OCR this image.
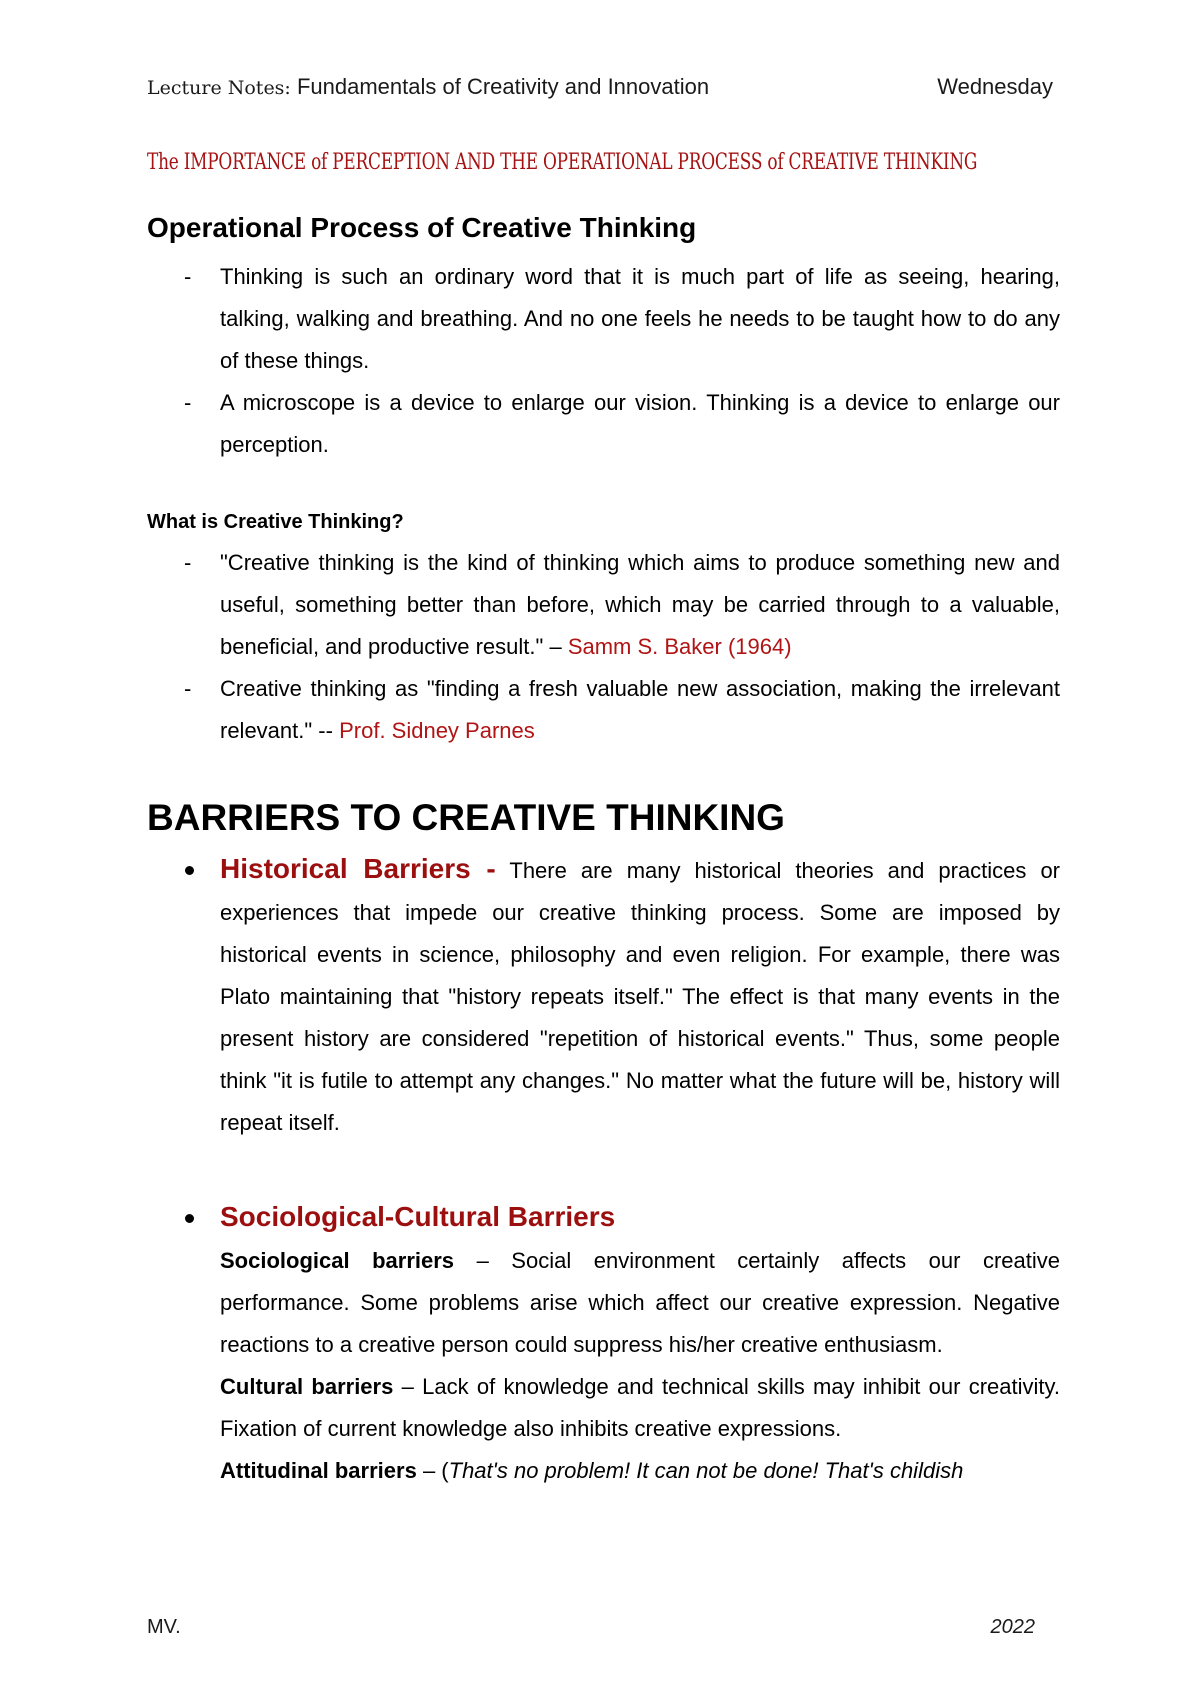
Lecture Notes: Fundamentals of Creativity and Innovation	Wednesday
The IMPORTANCE of PERCEPTION AND THE OPERATIONAL PROCESS of CREATIVE THINKING
Operational Process of Creative Thinking
- Thinking is such an ordinary word that it is much part of life as seeing, hearing, talking, walking and breathing. And no one feels he needs to be taught how to do any of these things.
- A microscope is a device to enlarge our vision. Thinking is a device to enlarge our perception.
What is Creative Thinking?
- "Creative thinking is the kind of thinking which aims to produce something new and useful, something better than before, which may be carried through to a valuable, beneficial, and productive result." – Samm S. Baker (1964)
- Creative thinking as "finding a fresh valuable new association, making the irrelevant relevant." -- Prof. Sidney Parnes
BARRIERS TO CREATIVE THINKING
Historical Barriers - There are many historical theories and practices or experiences that impede our creative thinking process. Some are imposed by historical events in science, philosophy and even religion. For example, there was Plato maintaining that "history repeats itself." The effect is that many events in the present history are considered "repetition of historical events." Thus, some people think "it is futile to attempt any changes." No matter what the future will be, history will repeat itself.
Sociological-Cultural Barriers
Sociological barriers – Social environment certainly affects our creative performance. Some problems arise which affect our creative expression. Negative reactions to a creative person could suppress his/her creative enthusiasm.
Cultural barriers – Lack of knowledge and technical skills may inhibit our creativity. Fixation of current knowledge also inhibits creative expressions.
Attitudinal barriers – (That's no problem! It can not be done! That's childish
MV.	2022
